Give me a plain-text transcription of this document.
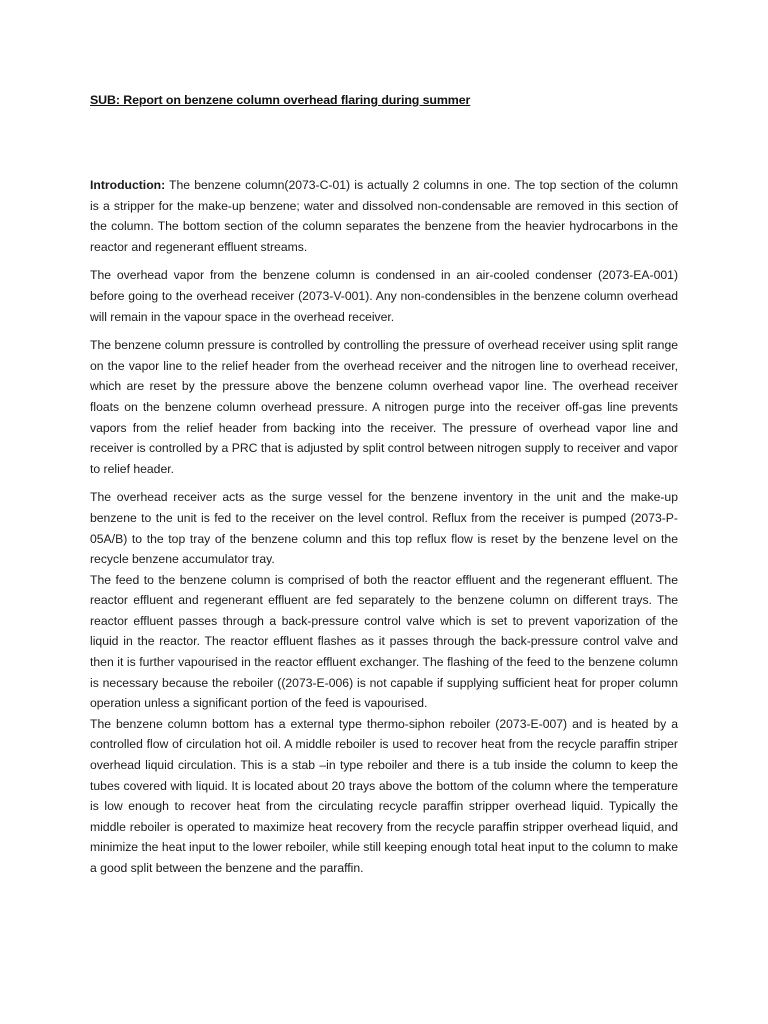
SUB: Report on benzene column overhead flaring during summer

Introduction: The benzene column(2073-C-01) is actually 2 columns in one. The top section of the column is a stripper for the make-up benzene; water and dissolved non-condensable are removed in this section of the column. The bottom section of the column separates the benzene from the heavier hydrocarbons in the reactor and regenerant effluent streams.

The overhead vapor from the benzene column is condensed in an air-cooled condenser (2073-EA-001) before going to the overhead receiver (2073-V-001). Any non-condensibles in the benzene column overhead will remain in the vapour space in the overhead receiver.

The benzene column pressure is controlled by controlling the pressure of overhead receiver using split range on the vapor line to the relief header from the overhead receiver and the nitrogen line to overhead receiver, which are reset by the pressure above the benzene column overhead vapor line. The overhead receiver floats on the benzene column overhead pressure. A nitrogen purge into the receiver off-gas line prevents vapors from the relief header from backing into the receiver. The pressure of overhead vapor line and receiver is controlled by a PRC that is adjusted by split control between nitrogen supply to receiver and vapor to relief header.

The overhead receiver acts as the surge vessel for the benzene inventory in the unit and the make-up benzene to the unit is fed to the receiver on the level control. Reflux from the receiver is pumped (2073-P-05A/B) to the top tray of the benzene column and this top reflux flow is reset by the benzene level on the recycle benzene accumulator tray.

The feed to the benzene column is comprised of both the reactor effluent and the regenerant effluent. The reactor effluent and regenerant effluent are fed separately to the benzene column on different trays. The reactor effluent passes through a back-pressure control valve which is set to prevent vaporization of the liquid in the reactor. The reactor effluent flashes as it passes through the back-pressure control valve and then it is further vapourised in the reactor effluent exchanger. The flashing of the feed to the benzene column is necessary because the reboiler ((2073-E-006) is not capable if supplying sufficient heat for proper column operation unless a significant portion of the feed is vapourised.

The benzene column bottom has a external type thermo-siphon reboiler (2073-E-007) and is heated by a controlled flow of circulation hot oil. A middle reboiler is used to recover heat from the recycle paraffin striper overhead liquid circulation. This is a stab –in type reboiler and there is a tub inside the column to keep the tubes covered with liquid. It is located about 20 trays above the bottom of the column where the temperature is low enough to recover heat from the circulating recycle paraffin stripper overhead liquid. Typically the middle reboiler is operated to maximize heat recovery from the recycle paraffin stripper overhead liquid, and minimize the heat input to the lower reboiler, while still keeping enough total heat input to the column to make a good split between the benzene and the paraffin.
